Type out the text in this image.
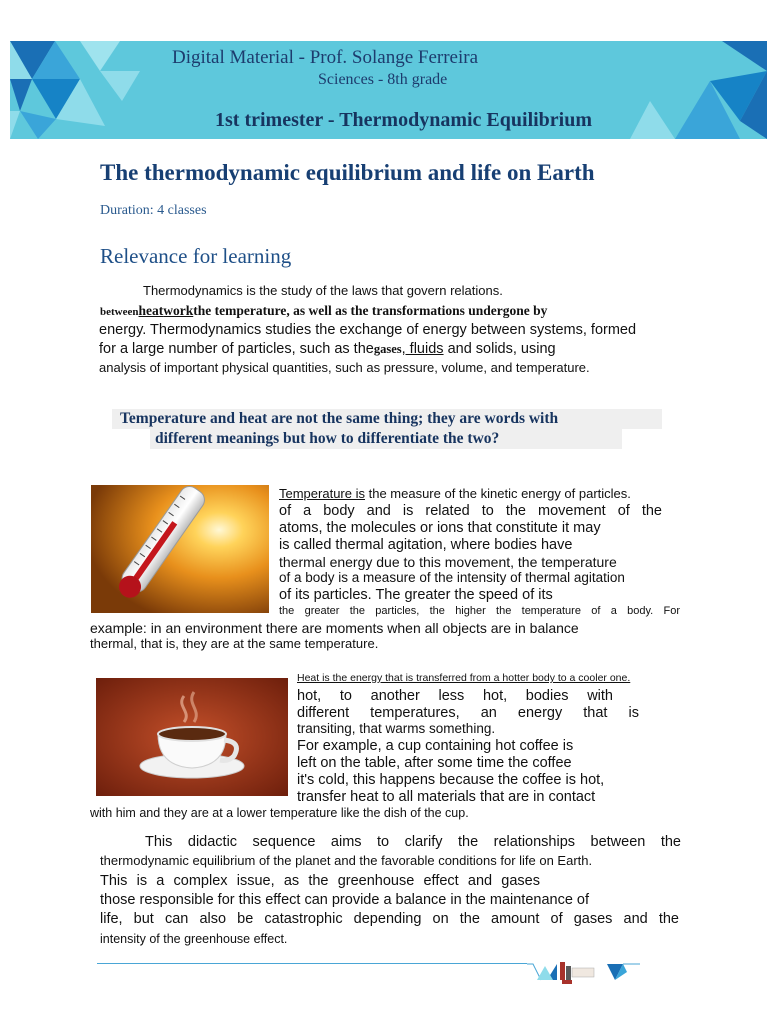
Digital Material - Prof. Solange Ferreira
Sciences - 8th grade
1st trimester - Thermodynamic Equilibrium
The thermodynamic equilibrium and life on Earth
Duration: 4 classes
Relevance for learning
Thermodynamics is the study of the laws that govern relations.
betweenheatworkthe temperature, as well as the transformations undergone by
energy. Thermodynamics studies the exchange of energy between systems, formed
for a large number of particles, such as thegases, fluids and solids, using
analysis of important physical quantities, such as pressure, volume, and temperature.
Temperature and heat are not the same thing; they are words with
different meanings but how to differentiate the two?
Temperature is the measure of the kinetic energy of particles.
of a body and is related to the movement of the
atoms, the molecules or ions that constitute it may
is called thermal agitation, where bodies have
thermal energy due to this movement, the temperature
of a body is a measure of the intensity of thermal agitation
of its particles. The greater the speed of its
the greater the particles, the higher the temperature of a body. For
example: in an environment there are moments when all objects are in balance
thermal, that is, they are at the same temperature.
Heat is the energy that is transferred from a hotter body to a cooler one.
hot, to another less hot, bodies with
different temperatures, an energy that is
transiting, that warms something.
For example, a cup containing hot coffee is
left on the table, after some time the coffee
it's cold, this happens because the coffee is hot,
transfer heat to all materials that are in contact
with him and they are at a lower temperature like the dish of the cup.
This didactic sequence aims to clarify the relationships between the
thermodynamic equilibrium of the planet and the favorable conditions for life on Earth.
This is a complex issue, as the greenhouse effect and gases
those responsible for this effect can provide a balance in the maintenance of
life, but can also be catastrophic depending on the amount of gases and the
intensity of the greenhouse effect.
